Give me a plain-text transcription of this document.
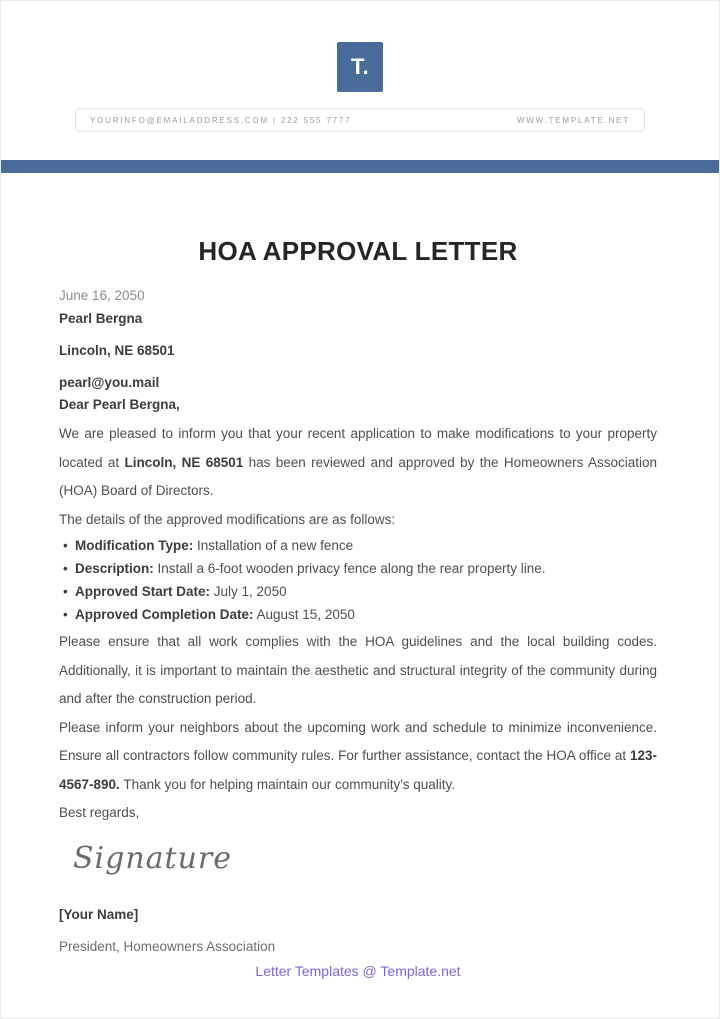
T.
YOURINFO@EMAILADDRESS.COM | 222 555 7777	WWW.TEMPLATE.NET
HOA APPROVAL LETTER
June 16, 2050
Pearl Bergna
Lincoln, NE 68501
pearl@you.mail
Dear Pearl Bergna,

We are pleased to inform you that your recent application to make modifications to your property located at Lincoln, NE 68501 has been reviewed and approved by the Homeowners Association (HOA) Board of Directors.

The details of the approved modifications are as follows:

• Modification Type: Installation of a new fence
• Description: Install a 6-foot wooden privacy fence along the rear property line.
• Approved Start Date: July 1, 2050
• Approved Completion Date: August 15, 2050

Please ensure that all work complies with the HOA guidelines and the local building codes. Additionally, it is important to maintain the aesthetic and structural integrity of the community during and after the construction period.

Please inform your neighbors about the upcoming work and schedule to minimize inconvenience. Ensure all contractors follow community rules. For further assistance, contact the HOA office at 123-4567-890. Thank you for helping maintain our community's quality.

Best regards,

Signature
[Your Name]
President, Homeowners Association
Letter Templates @ Template.net
